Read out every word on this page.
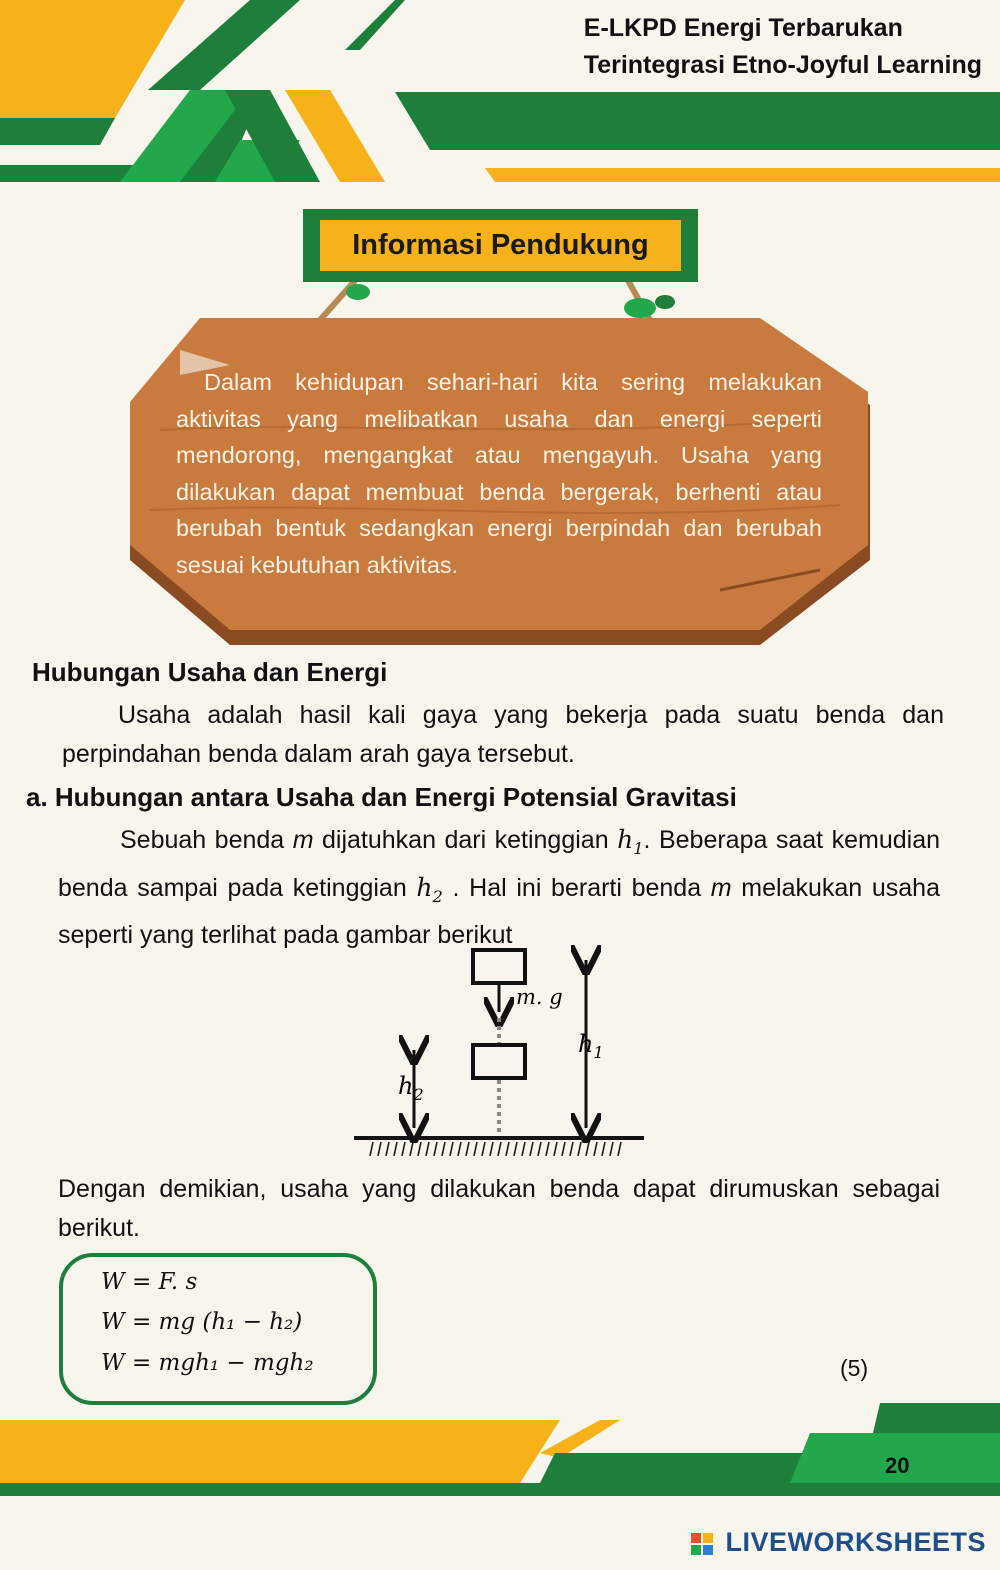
E-LKPD Energi Terbarukan
Terintegrasi Etno-Joyful Learning
Informasi Pendukung
Dalam kehidupan sehari-hari kita sering melakukan aktivitas yang melibatkan usaha dan energi seperti mendorong, mengangkat atau mengayuh. Usaha yang dilakukan dapat membuat benda bergerak, berhenti atau berubah bentuk sedangkan energi berpindah dan berubah sesuai kebutuhan aktivitas.
Hubungan Usaha dan Energi
Usaha adalah hasil kali gaya yang bekerja pada suatu benda dan perpindahan benda dalam arah gaya tersebut.
a. Hubungan antara Usaha dan Energi Potensial Gravitasi
Sebuah benda m dijatuhkan dari ketinggian $h_1$. Beberapa saat kemudian benda sampai pada ketinggian $h_2$ . Hal ini berarti benda m melakukan usaha seperti yang terlihat pada gambar berikut
m. g
$h_1$
$h_2$
Dengan demikian, usaha yang dilakukan benda dapat dirumuskan sebagai berikut.
W = F. s
W = mg (h₁ − h₂)
W = mgh₁ − mgh₂	(5)
20
LIVEWORKSHEETS
